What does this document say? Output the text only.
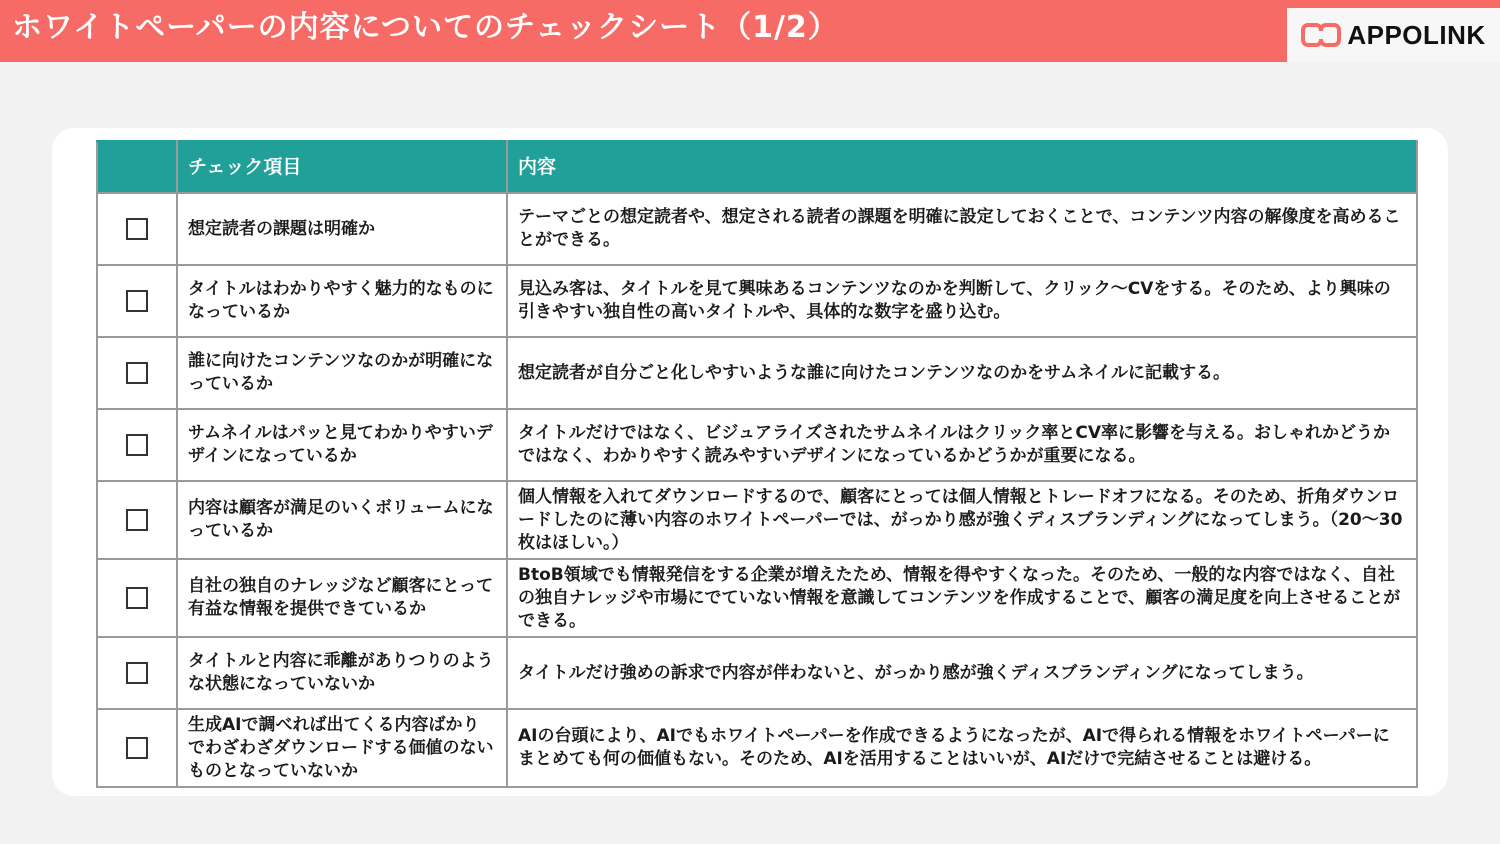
ホワイトペーパーの内容についてのチェックシート（1/2）	APPOLINK
	チェック項目	内容
	想定読者の課題は明確か	テーマごとの想定読者や、想定される読者の課題を明確に設定しておくことで、コンテンツ内容の解像度を高めることができる。
	タイトルはわかりやすく魅力的なものになっているか	見込み客は、タイトルを見て興味あるコンテンツなのかを判断して、クリック〜CVをする。そのため、より興味の引きやすい独自性の高いタイトルや、具体的な数字を盛り込む。
	誰に向けたコンテンツなのかが明確になっているか	想定読者が自分ごと化しやすいような誰に向けたコンテンツなのかをサムネイルに記載する。
	サムネイルはパッと見てわかりやすいデザインになっているか	タイトルだけではなく、ビジュアライズされたサムネイルはクリック率とCV率に影響を与える。おしゃれかどうかではなく、わかりやすく読みやすいデザインになっているかどうかが重要になる。
	内容は顧客が満足のいくボリュームになっているか	個人情報を入れてダウンロードするので、顧客にとっては個人情報とトレードオフになる。そのため、折角ダウンロードしたのに薄い内容のホワイトペーパーでは、がっかり感が強くディスブランディングになってしまう。（20〜30枚はほしい。）
	自社の独自のナレッジなど顧客にとって有益な情報を提供できているか	BtoB領域でも情報発信をする企業が増えたため、情報を得やすくなった。そのため、一般的な内容ではなく、自社の独自ナレッジや市場にでていない情報を意識してコンテンツを作成することで、顧客の満足度を向上させることができる。
	タイトルと内容に乖離がありつりのような状態になっていないか	タイトルだけ強めの訴求で内容が伴わないと、がっかり感が強くディスブランディングになってしまう。
	生成AIで調べれば出てくる内容ばかりでわざわざダウンロードする価値のないものとなっていないか	AIの台頭により、AIでもホワイトペーパーを作成できるようになったが、AIで得られる情報をホワイトペーパーにまとめても何の価値もない。そのため、AIを活用することはいいが、AIだけで完結させることは避ける。
